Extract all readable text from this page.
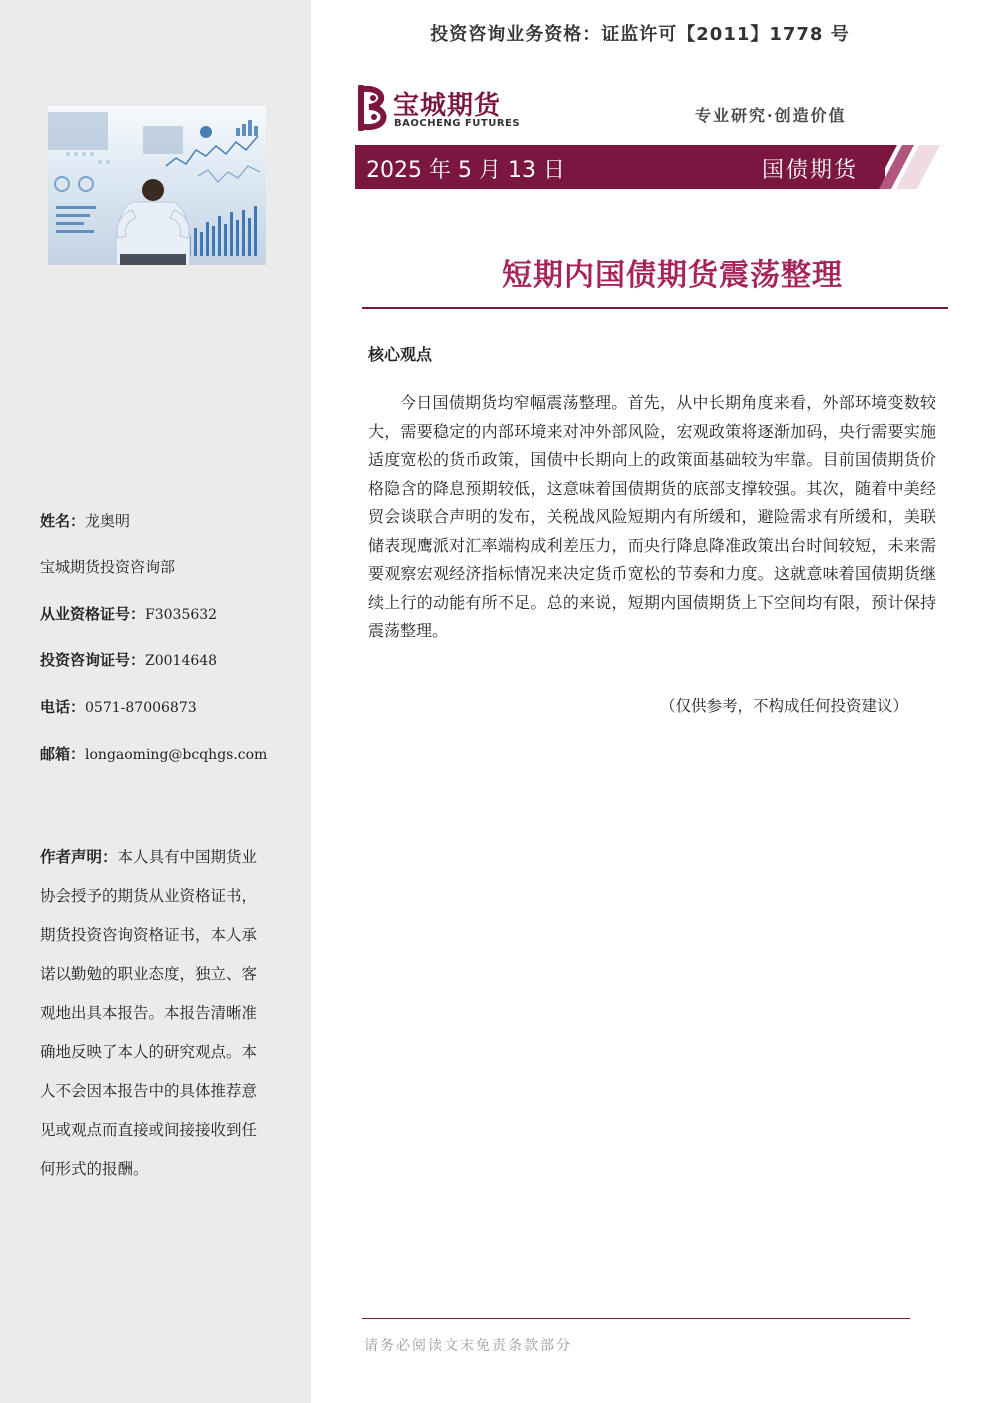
姓名：龙奥明
宝城期货投资咨询部
从业资格证号：F3035632
投资咨询证号：Z0014648
电话：0571-87006873
邮箱：longaoming@bcqhgs.com
作者声明：本人具有中国期货业协会授予的期货从业资格证书，期货投资咨询资格证书，本人承诺以勤勉的职业态度，独立、客观地出具本报告。本报告清晰准确地反映了本人的研究观点。本人不会因本报告中的具体推荐意见或观点而直接或间接接收到任何形式的报酬。
投资咨询业务资格：证监许可【2011】1778 号
宝城期货
BAOCHENG FUTURES	专业研究·创造价值
2025 年 5 月 13 日	国债期货
短期内国债期货震荡整理
核心观点
今日国债期货均窄幅震荡整理。首先，从中长期角度来看，外部环境变数较大，需要稳定的内部环境来对冲外部风险，宏观政策将逐渐加码，央行需要实施适度宽松的货币政策，国债中长期向上的政策面基础较为牢靠。目前国债期货价格隐含的降息预期较低，这意味着国债期货的底部支撑较强。其次，随着中美经贸会谈联合声明的发布，关税战风险短期内有所缓和，避险需求有所缓和，美联储表现鹰派对汇率端构成利差压力，而央行降息降准政策出台时间较短，未来需要观察宏观经济指标情况来决定货币宽松的节奏和力度。这就意味着国债期货继续上行的动能有所不足。总的来说，短期内国债期货上下空间均有限，预计保持震荡整理。
（仅供参考，不构成任何投资建议）
请务必阅读文末免责条款部分
